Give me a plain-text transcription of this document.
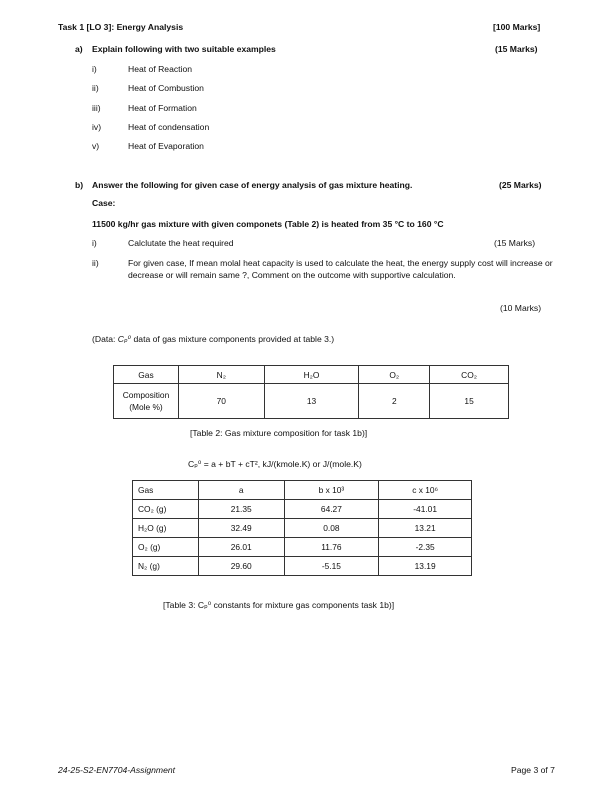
Task 1 [LO 3]: Energy Analysis	[100 Marks]
a) Explain following with two suitable examples	(15 Marks)
i)	Heat of Reaction
ii)	Heat of Combustion
iii)	Heat of Formation
iv)	Heat of condensation
v)	Heat of Evaporation
b) Answer the following for given case of energy analysis of gas mixture heating.	(25 Marks)
Case:
11500 kg/hr gas mixture with given componets (Table 2) is heated from 35 °C to 160 °C
i)	Calclutate the heat required	(15 Marks)
ii)	For given case, If mean molal heat capacity is used to calculate the heat, the energy supply cost will increase or decrease or will remain same ?, Comment on the outcome with supportive calculation.
(10 Marks)
(Data: Cₚ⁰ data of gas mixture components provided at table 3.)
Gas	N₂	H₂O	O₂	CO₂

Composition
(Mole %)	70	13	2	15
[Table 2: Gas mixture composition for task 1b)]
Cₚ⁰ = a + bT + cT², kJ/(kmole.K) or J/(mole.K)
Gas	a	b x 10³	c x 10⁶
CO₂ (g)	21.35	64.27	-41.01
H₂O (g)	32.49	0.08	13.21
O₂ (g)	26.01	11.76	-2.35
N₂ (g)	29.60	-5.15	13.19
[Table 3: Cₚ⁰ constants for mixture gas components task 1b)]
24-25-S2-EN7704-Assignment	Page 3 of 7
